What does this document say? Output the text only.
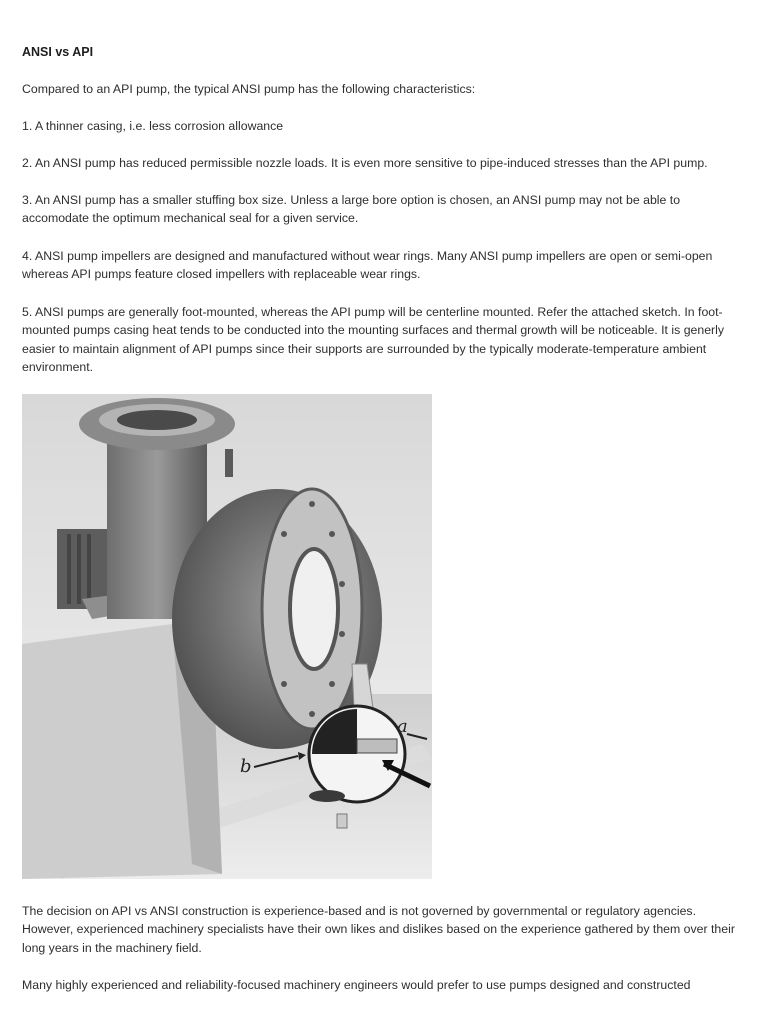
ANSI vs API
Compared to an API pump, the typical ANSI pump has the following characteristics:
1. A thinner casing, i.e. less corrosion allowance
2. An ANSI pump has reduced permissible nozzle loads. It is even more sensitive to pipe-induced stresses than the API pump.
3. An ANSI pump has a smaller stuffing box size. Unless a large bore option is chosen, an ANSI pump may not be able to accomodate the optimum mechanical seal for a given service.
4. ANSI pump impellers are designed and manufactured without wear rings. Many ANSI pump impellers are open or semi-open whereas API pumps feature closed impellers with replaceable wear rings.
5. ANSI pumps are generally foot-mounted, whereas the API pump will be centerline mounted. Refer the attached sketch. In foot-mounted pumps casing heat tends to be conducted into the mounting surfaces and thermal growth will be noticeable. It is generly easier to maintain alignment of API pumps since their supports are surrounded by the typically moderate-temperature ambient environment.
a
b
The decision on API vs ANSI construction is experience-based and is not governed by governmental or regulatory agencies. However, experienced machinery specialists have their own likes and dislikes based on the experience gathered by them over their long years in the machinery field.
Many highly experienced and reliability-focused machinery engineers would prefer to use pumps designed and constructed
